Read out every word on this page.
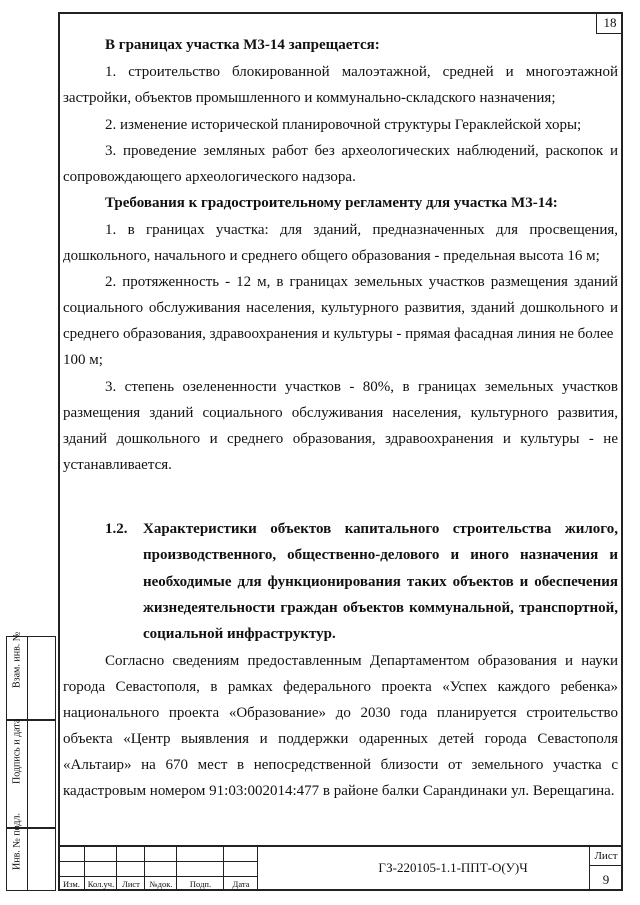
18
В границах участка М3-14 запрещается:
1. строительство блокированной малоэтажной, средней и многоэтажной
застройки, объектов промышленного и коммунально-складского назначения;
2. изменение исторической планировочной структуры Гераклейской хоры;
3. проведение земляных работ без археологических наблюдений, раскопок и
сопровождающего археологического надзора.
Требования к градостроительному регламенту для участка М3-14:
1. в границах участка: для зданий, предназначенных для просвещения,
дошкольного, начального и среднего общего образования - предельная высота 16 м;
2. протяженность - 12 м, в границах земельных участков размещения зданий
социального обслуживания населения, культурного развития, зданий дошкольного и
среднего образования, здравоохранения и культуры - прямая фасадная линия не более
100 м;
3. степень озелененности участков - 80%, в границах земельных участков
размещения зданий социального обслуживания населения, культурного развития,
зданий дошкольного и среднего образования, здравоохранения и культуры - не
устанавливается.
1.2. Характеристики объектов капитального строительства жилого,
производственного, общественно-делового и иного назначения и
необходимые для функционирования таких объектов и обеспечения
жизнедеятельности граждан объектов коммунальной, транспортной,
социальной инфраструктур.
Согласно сведениям предоставленным Департаментом образования и науки
города Севастополя, в рамках федерального проекта «Успех каждого ребенка»
национального проекта «Образование» до 2030 года планируется строительство
объекта «Центр выявления и поддержки одаренных детей города Севастополя
«Альтаир» на 670 мест в непосредственной близости от земельного участка с
кадастровым номером 91:03:002014:477 в районе балки Сарандинаки ул. Верещагина.
Взам. инв. №
Подпись и дата
Инв. № подл.
Изм. Кол.уч. Лист	№док.	Подп.	Дата
ГЗ-220105-1.1-ППТ-О(У)Ч
Лист
9
